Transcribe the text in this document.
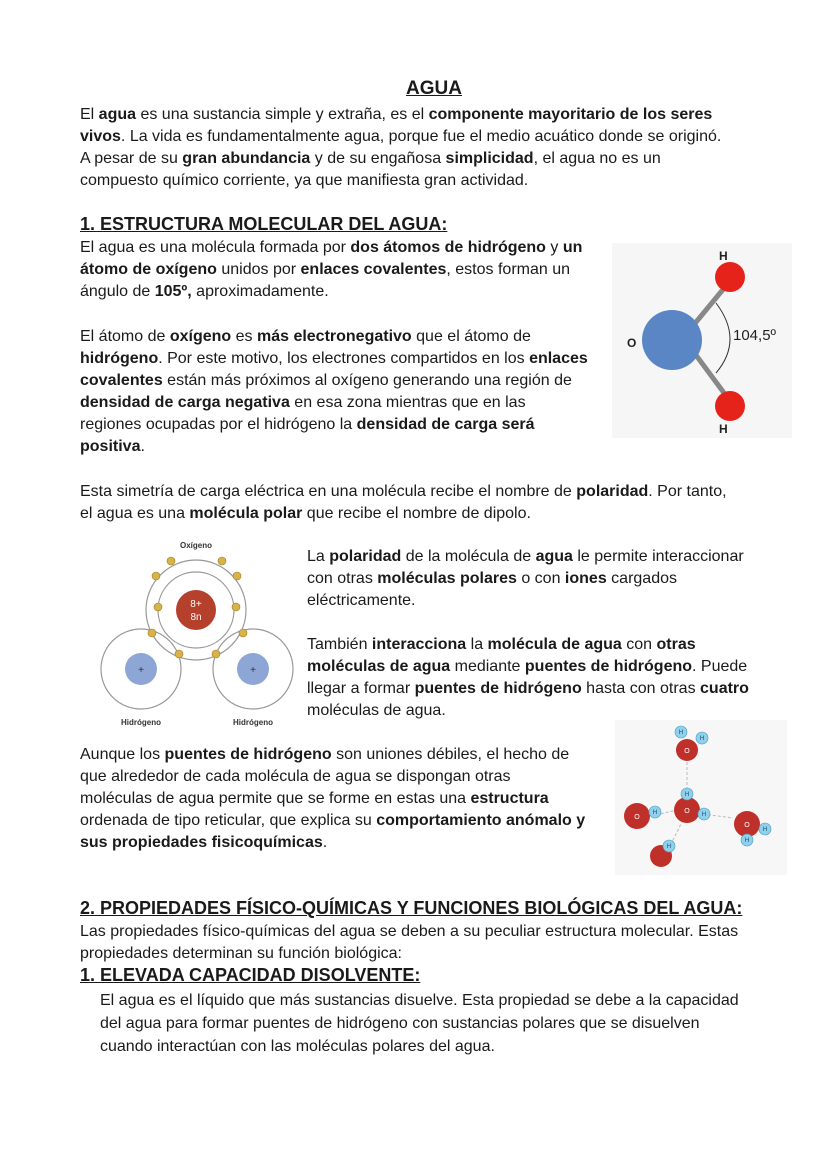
AGUA
El agua es una sustancia simple y extraña, es el componente mayoritario de los seres
vivos. La vida es fundamentalmente agua, porque fue el medio acuático donde se originó.
A pesar de su gran abundancia y de su engañosa simplicidad, el agua no es un
compuesto químico corriente, ya que manifiesta gran actividad.
1. ESTRUCTURA MOLECULAR DEL AGUA:
El agua es una molécula formada por dos átomos de hidrógeno y un
átomo de oxígeno unidos por enlaces covalentes, estos forman un
ángulo de 105º, aproximadamente.
El átomo de oxígeno es más electronegativo que el átomo de
hidrógeno. Por este motivo, los electrones compartidos en los enlaces
covalentes están más próximos al oxígeno generando una región de
densidad de carga negativa en esa zona mientras que en las
regiones ocupadas por el hidrógeno la densidad de carga será
positiva.
Esta simetría de carga eléctrica en una molécula recibe el nombre de polaridad. Por tanto,
el agua es una molécula polar que recibe el nombre de dipolo.
La polaridad de la molécula de agua le permite interaccionar
con otras moléculas polares o con iones cargados
eléctricamente.
También interacciona la molécula de agua con otras
moléculas de agua mediante puentes de hidrógeno. Puede
llegar a formar puentes de hidrógeno hasta con otras cuatro
moléculas de agua.
Aunque los puentes de hidrógeno son uniones débiles, el hecho de
que alrededor de cada molécula de agua se dispongan otras
moléculas de agua permite que se forme en estas una estructura
ordenada de tipo reticular, que explica su comportamiento anómalo y
sus propiedades fisicoquímicas.
H
H
O	104,5º
Oxígeno
8+
8n
+	+
Hidrógeno	Hidrógeno
O
O
O
O
H
H
H
H
H
H
H
H
2. PROPIEDADES FÍSICO-QUÍMICAS Y FUNCIONES BIOLÓGICAS DEL AGUA:
Las propiedades físico-químicas del agua se deben a su peculiar estructura molecular. Estas
propiedades determinan su función biológica:
1. ELEVADA CAPACIDAD DISOLVENTE:
El agua es el líquido que más sustancias disuelve. Esta propiedad se debe a la capacidad
del agua para formar puentes de hidrógeno con sustancias polares que se disuelven
cuando interactúan con las moléculas polares del agua.
